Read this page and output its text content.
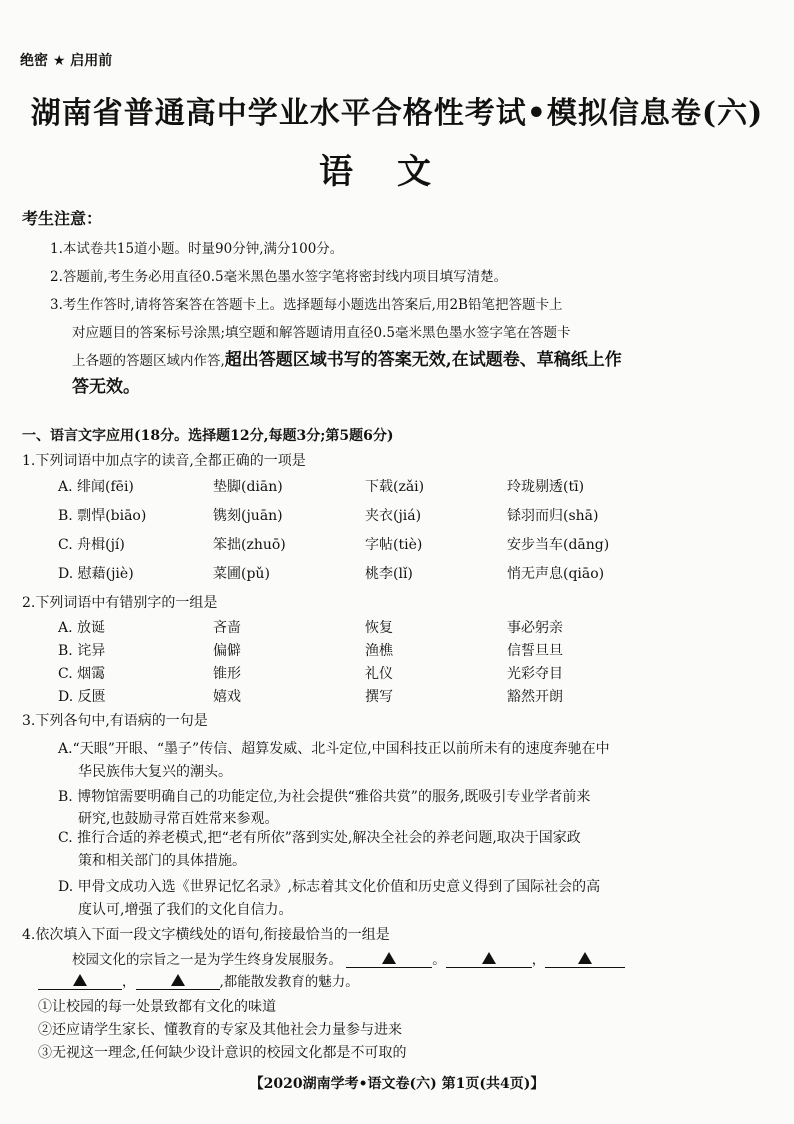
绝密 ★ 启用前
湖南省普通高中学业水平合格性考试•模拟信息卷(六)
语文
考生注意：
1.本试卷共15道小题。时量90分钟,满分100分。
2.答题前,考生务必用直径0.5毫米黑色墨水签字笔将密封线内项目填写清楚。
3.考生作答时,请将答案答在答题卡上。选择题每小题选出答案后,用2B铅笔把答题卡上
对应题目的答案标号涂黑;填空题和解答题请用直径0.5毫米黑色墨水签字笔在答题卡
上各题的答题区域内作答,超出答题区域书写的答案无效,在试题卷、草稿纸上作
答无效。
一、语言文字应用(18分。选择题12分,每题3分;第5题6分)
1.下列词语中加点字的读音,全都正确的一项是
A. 绯闻(fēi)	垫脚(diān)	下载(zǎi)	玲珑剔透(tī)
B. 剽悍(biāo)	镌刻(juān)	夹衣(jiá)	铩羽而归(shā)
C. 舟楫(jí)	笨拙(zhuō)	字帖(tiè)	安步当车(dāng)
D. 慰藉(jiè)	菜圃(pǔ)	桃李(lǐ)	悄无声息(qiāo)
2.下列词语中有错别字的一组是
A. 放诞	吝啬	恢复	事必躬亲
B. 诧异	偏僻	渔樵	信誓旦旦
C. 烟霭	锥形	礼仪	光彩夺目
D. 反匮	嬉戏	撰写	豁然开朗
3.下列各句中,有语病的一句是
A.“天眼”开眼、“墨子”传信、超算发威、北斗定位,中国科技正以前所未有的速度奔驰在中
华民族伟大复兴的潮头。
B. 博物馆需要明确自己的功能定位,为社会提供“雅俗共赏”的服务,既吸引专业学者前来
研究,也鼓励寻常百姓常来参观。
C. 推行合适的养老模式,把“老有所依”落到实处,解决全社会的养老问题,取决于国家政
策和相关部门的具体措施。
D. 甲骨文成功入选《世界记忆名录》,标志着其文化价值和历史意义得到了国际社会的高
度认可,增强了我们的文化自信力。
4.依次填入下面一段文字横线处的语句,衔接最恰当的一组是
校园文化的宗旨之一是为学生终身发展服务。	。	，
，	,都能散发教育的魅力。
①让校园的每一处景致都有文化的味道
②还应请学生家长、懂教育的专家及其他社会力量参与进来
③无视这一理念,任何缺少设计意识的校园文化都是不可取的
【2020湖南学考•语文卷(六) 第1页(共4页)】
